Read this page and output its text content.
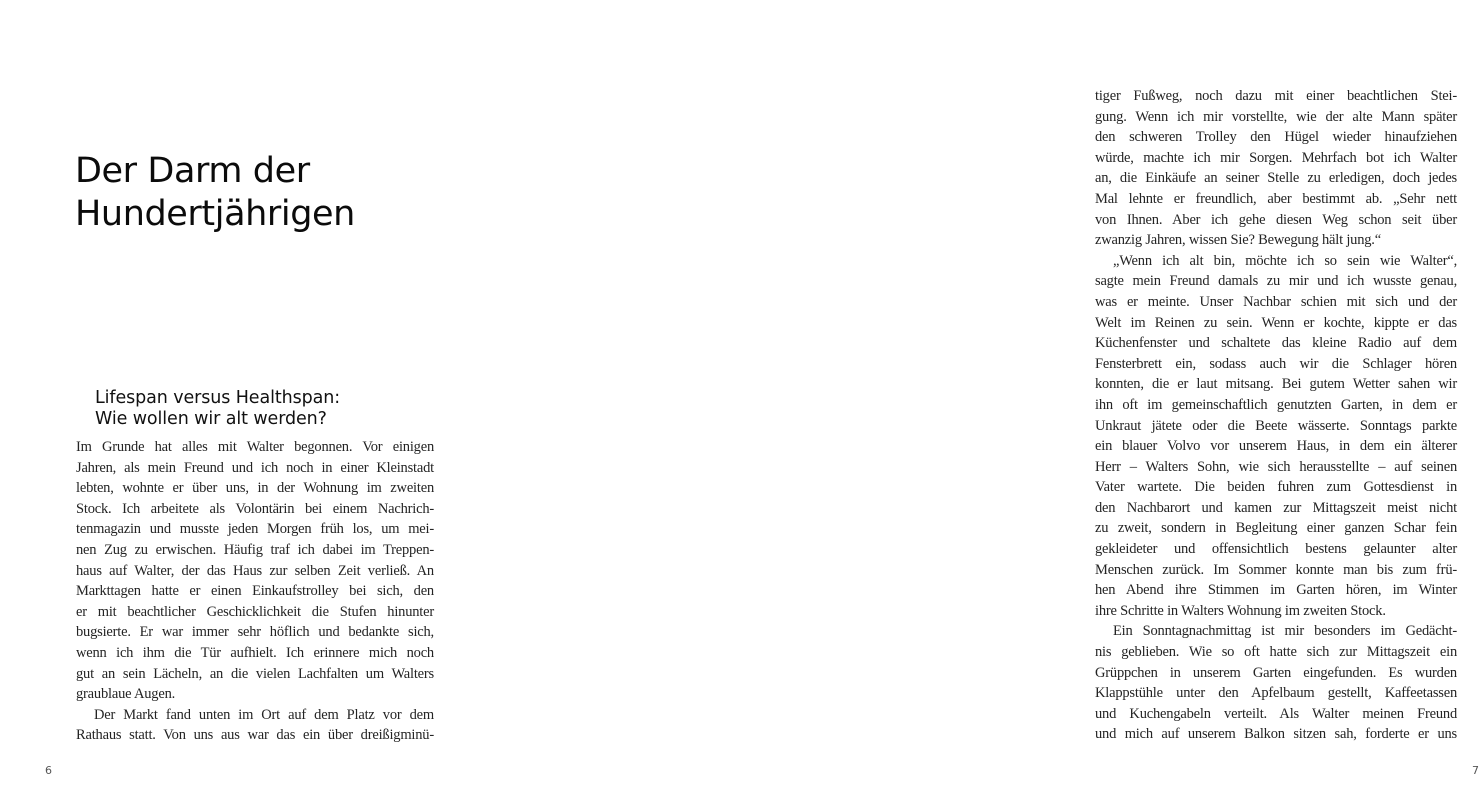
Der Darm der
Hundertjährigen
Lifespan versus Healthspan:
Wie wollen wir alt werden?
Im Grunde hat alles mit Walter begonnen. Vor einigen
Jahren, als mein Freund und ich noch in einer Kleinstadt
lebten, wohnte er über uns, in der Wohnung im zweiten
Stock. Ich arbeitete als Volontärin bei einem Nachrich-
tenmagazin und musste jeden Morgen früh los, um mei-
nen Zug zu erwischen. Häufig traf ich dabei im Treppen-
haus auf Walter, der das Haus zur selben Zeit verließ. An
Markttagen hatte er einen Einkaufstrolley bei sich, den
er mit beachtlicher Geschicklichkeit die Stufen hinunter
bugsierte. Er war immer sehr höflich und bedankte sich,
wenn ich ihm die Tür aufhielt. Ich erinnere mich noch
gut an sein Lächeln, an die vielen Lachfalten um Walters
graublaue Augen.
Der Markt fand unten im Ort auf dem Platz vor dem
Rathaus statt. Von uns aus war das ein über dreißigminü-
6
tiger Fußweg, noch dazu mit einer beachtlichen Stei-
gung. Wenn ich mir vorstellte, wie der alte Mann später
den schweren Trolley den Hügel wieder hinaufziehen
würde, machte ich mir Sorgen. Mehrfach bot ich Walter
an, die Einkäufe an seiner Stelle zu erledigen, doch jedes
Mal lehnte er freundlich, aber bestimmt ab. „Sehr nett
von Ihnen. Aber ich gehe diesen Weg schon seit über
zwanzig Jahren, wissen Sie? Bewegung hält jung.“
„Wenn ich alt bin, möchte ich so sein wie Walter“,
sagte mein Freund damals zu mir und ich wusste genau,
was er meinte. Unser Nachbar schien mit sich und der
Welt im Reinen zu sein. Wenn er kochte, kippte er das
Küchenfenster und schaltete das kleine Radio auf dem
Fensterbrett ein, sodass auch wir die Schlager hören
konnten, die er laut mitsang. Bei gutem Wetter sahen wir
ihn oft im gemeinschaftlich genutzten Garten, in dem er
Unkraut jätete oder die Beete wässerte. Sonntags parkte
ein blauer Volvo vor unserem Haus, in dem ein älterer
Herr – Walters Sohn, wie sich herausstellte – auf seinen
Vater wartete. Die beiden fuhren zum Gottesdienst in
den Nachbarort und kamen zur Mittagszeit meist nicht
zu zweit, sondern in Begleitung einer ganzen Schar fein
gekleideter und offensichtlich bestens gelaunter alter
Menschen zurück. Im Sommer konnte man bis zum frü-
hen Abend ihre Stimmen im Garten hören, im Winter
ihre Schritte in Walters Wohnung im zweiten Stock.
Ein Sonntagnachmittag ist mir besonders im Gedächt-
nis geblieben. Wie so oft hatte sich zur Mittagszeit ein
Grüppchen in unserem Garten eingefunden. Es wurden
Klappstühle unter den Apfelbaum gestellt, Kaffeetassen
und Kuchengabeln verteilt. Als Walter meinen Freund
und mich auf unserem Balkon sitzen sah, forderte er uns
7
